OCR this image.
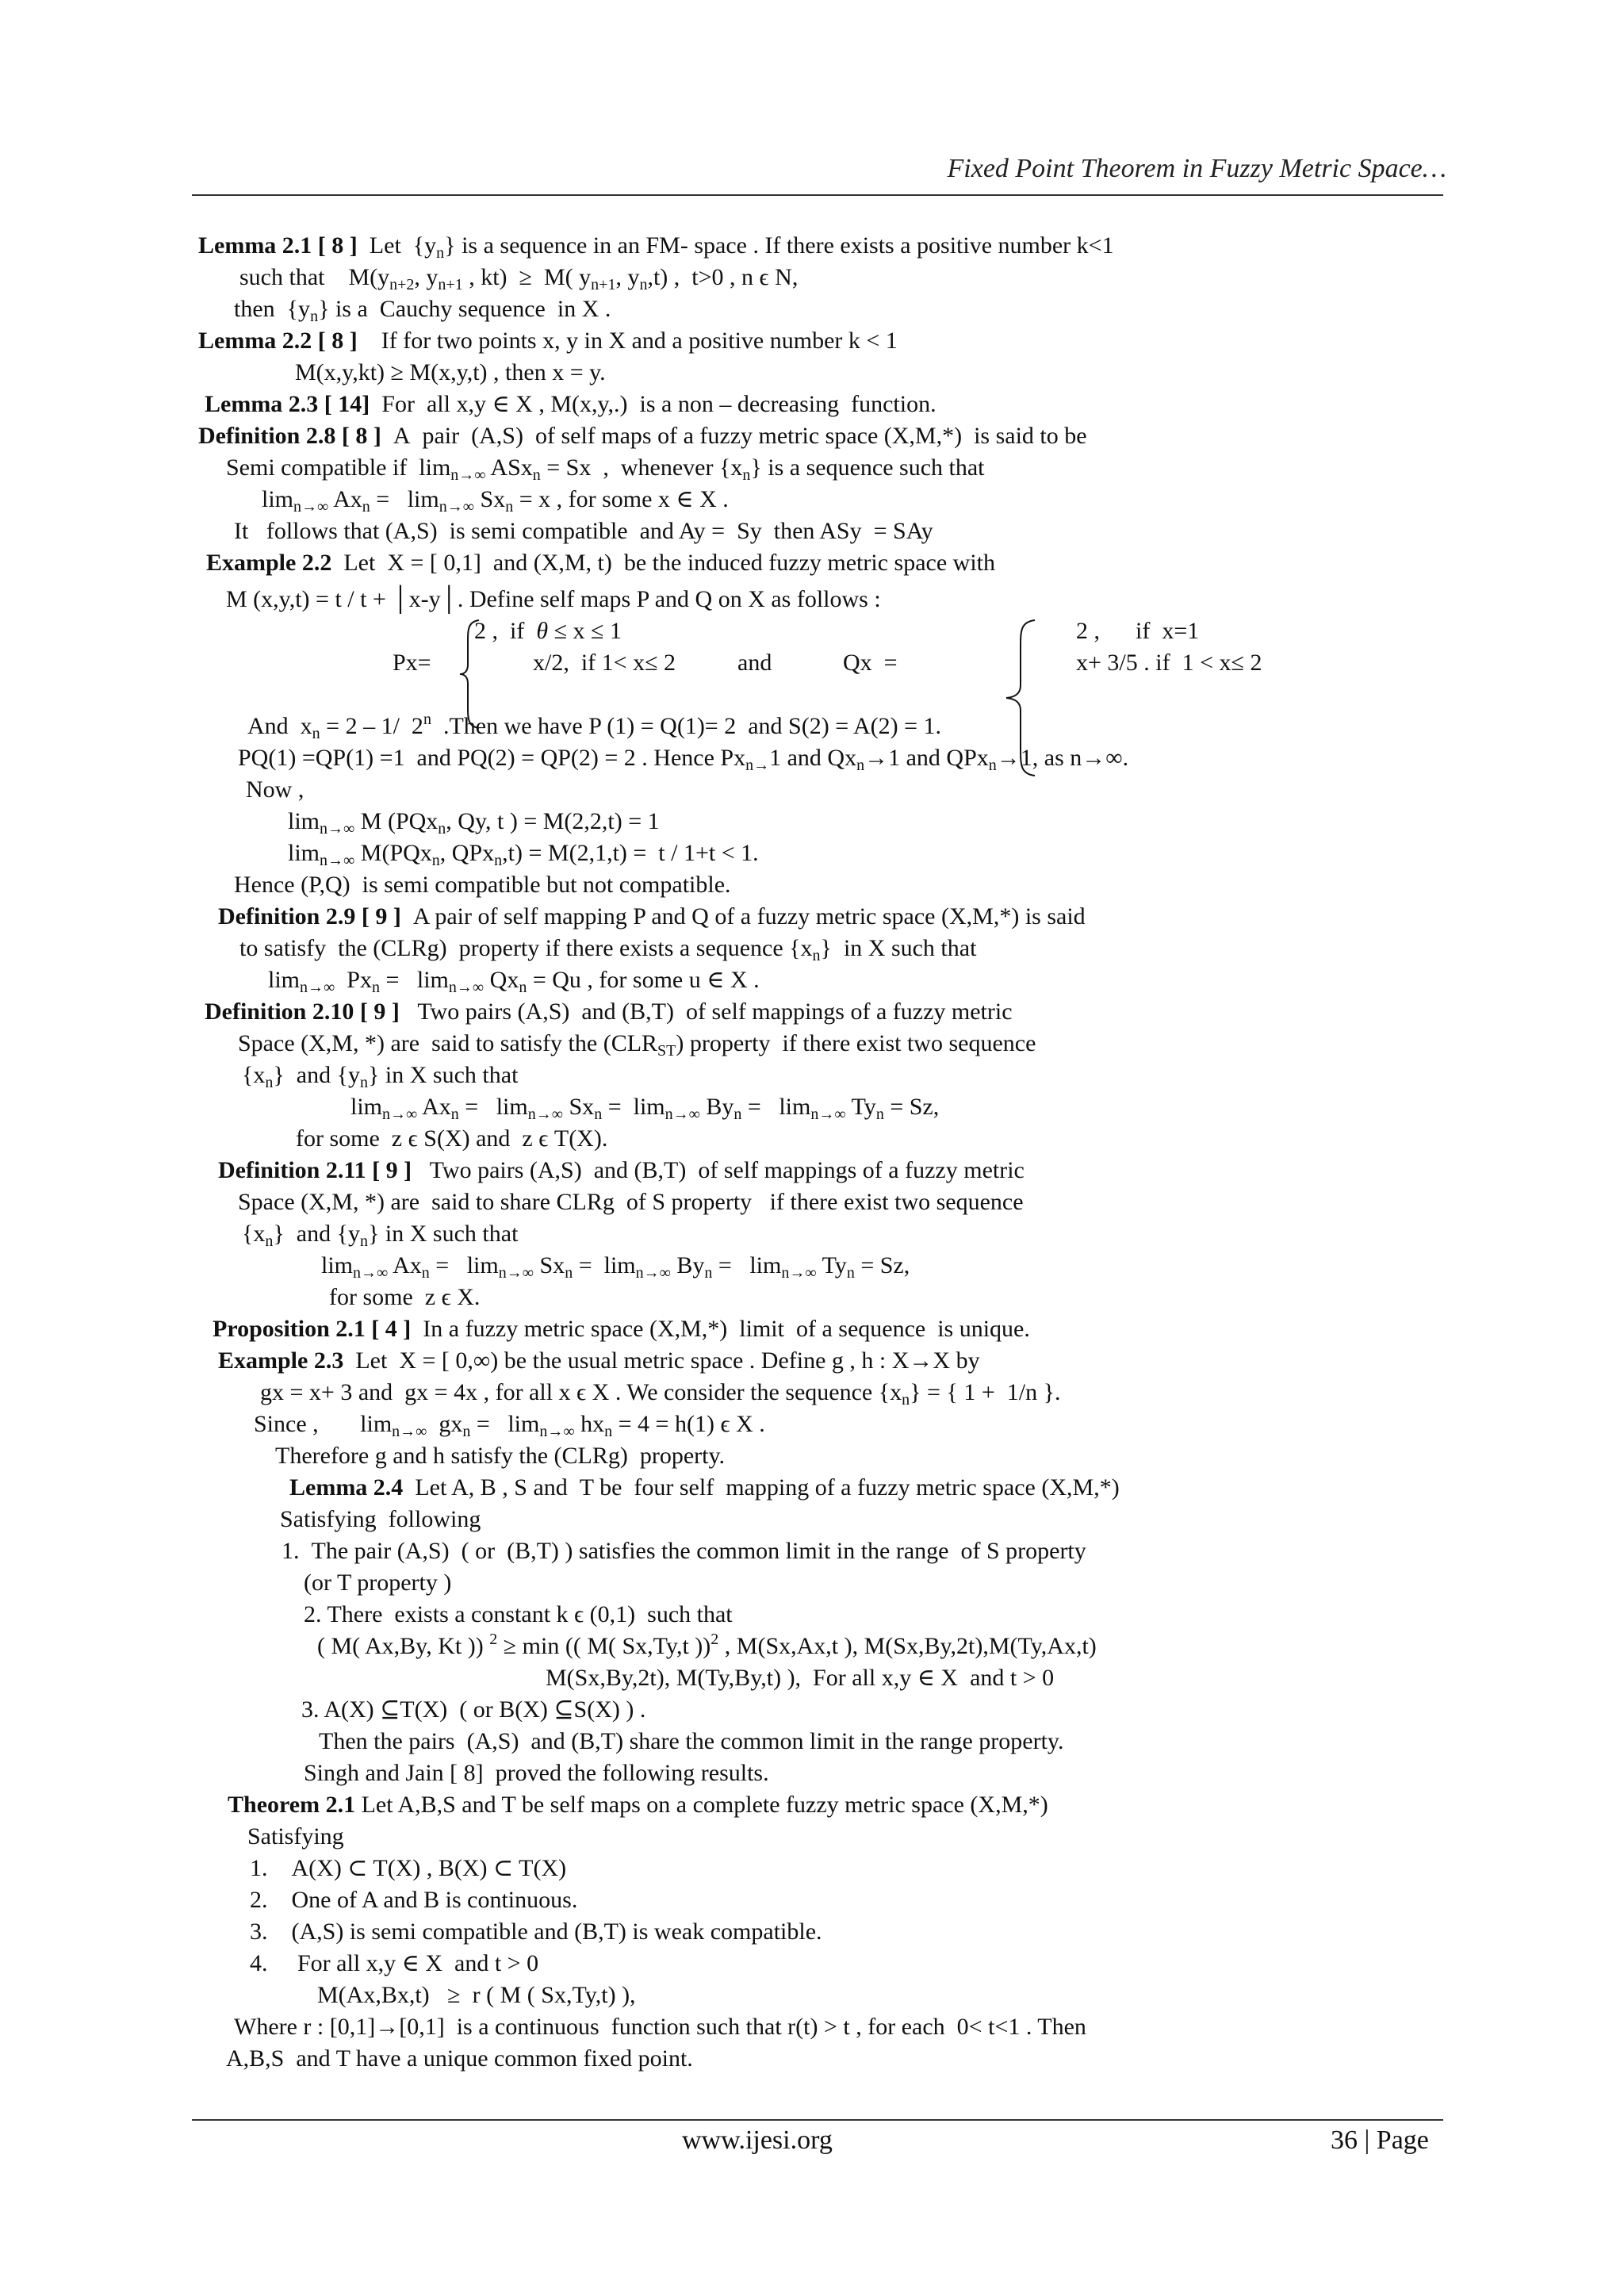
Fixed Point Theorem in Fuzzy Metric Space…
Lemma 2.1 [ 8 ]  Let  $\{y_n\}$ is a sequence in an FM- space . If there exists a positive number k<1
such that    $M(y_{n+2}$, $y_{n+1}$ , kt)  ≥  M( $y_{n+1}$, $y_n,t$) ,  t>0 , n ϵ N,
then  $\{y_n\}$ is a  Cauchy sequence  in X .
Lemma 2.2 [ 8 ]    If for two points x, y in X and a positive number k < 1
M(x,y,kt) ≥ M(x,y,t) , then x = y.
Lemma 2.3 [ 14]  For  all x,y ∈ X , M(x,y,.)  is a non – decreasing  function.
Definition 2.8 [ 8 ]  A  pair  (A,S)  of self maps of a fuzzy metric space (X,M,*)  is said to be
Semi compatible if  $\lim_{n\to\infty} ASx_n = Sx$  ,  whenever $\{x_n\}$ is a sequence such that
$\lim_{n\to\infty} Ax_n = \lim_{n\to\infty} Sx_n = x$ , for some x ∈ X .
It   follows that (A,S)  is semi compatible  and Ay =  Sy  then ASy  = SAy
Example 2.2  Let  X = [ 0,1]  and (X,M, t)  be the induced fuzzy metric space with
M (x,y,t) = t / t + │x-y│. Define self maps P and Q on X as follows :
2 ,  if  θ ≤ x ≤ 1	2 ,      if  x=1
Px=	x/2,  if 1< x≤ 2	and	Qx  =	x+ 3/5 . if  1 < x≤ 2
And  $x_n = 2 - 1/$  2$^n$  .Then we have P (1) = Q(1)= 2  and S(2) = A(2) = 1.
PQ(1) =QP(1) =1  and PQ(2) = QP(2) = 2 . Hence $Px_{n\to}1$ and $Qx_n\to 1$ and QPx$_n$→1, as n→∞.
Now ,
$\lim_{n\to\infty} M$ (PQx$_n$, Qy, t ) = M(2,2,t) = 1
$\lim_{n\to\infty} M(PQx_n$, QPx$_n$,t) = M(2,1,t) =  t / 1+t < 1.
Hence (P,Q)  is semi compatible but not compatible.
Definition 2.9 [ 9 ]  A pair of self mapping P and Q of a fuzzy metric space (X,M,*) is said
to satisfy  the (CLRg)  property if there exists a sequence $\{x_n\}$  in X such that
$\lim_{n\to\infty} Px_n = \lim_{n\to\infty} Qx_n = Qu$ , for some u ∈ X .
Definition 2.10 [ 9 ]   Two pairs (A,S)  and (B,T)  of self mappings of a fuzzy metric
Space (X,M, *) are  said to satisfy the $(CLR_{ST})$ property  if there exist two sequence
$\{x_n\}$  and $\{y_n\}$ in X such that
$\lim_{n\to\infty} Ax_n = \lim_{n\to\infty} Sx_n = \lim_{n\to\infty} By_n = \lim_{n\to\infty} Ty_n = Sz$,
for some  z ϵ S(X) and  z ϵ T(X).
Definition 2.11 [ 9 ]   Two pairs (A,S)  and (B,T)  of self mappings of a fuzzy metric
Space (X,M, *) are  said to share CLRg  of S property   if there exist two sequence
$\{x_n\}$  and $\{y_n\}$ in X such that
$\lim_{n\to\infty} Ax_n = \lim_{n\to\infty} Sx_n = \lim_{n\to\infty} By_n = \lim_{n\to\infty} Ty_n = Sz$,
for some  z ϵ X.
Proposition 2.1 [ 4 ]  In a fuzzy metric space (X,M,*)  limit  of a sequence  is unique.
Example 2.3  Let  X = [ 0,∞) be the usual metric space . Define g , h : X→X by
gx = x+ 3 and  gx = 4x , for all x ϵ X . We consider the sequence $\{x_n\}$ = { 1 +  1/n }.
Since ,       $\lim_{n\to\infty} gx_n = \lim_{n\to\infty} hx_n = 4 = h(1)$ ϵ X .
Therefore g and h satisfy the (CLRg)  property.
Lemma 2.4  Let A, B , S and  T be  four self  mapping of a fuzzy metric space (X,M,*)
Satisfying  following
1.  The pair (A,S)  ( or  (B,T) ) satisfies the common limit in the range  of S property
(or T property )
2. There  exists a constant k ϵ (0,1)  such that
( M( Ax,By, Kt )) $^2$ ≥ min (( M( Sx,Ty,t ))$^2$ , M(Sx,Ax,t ), M(Sx,By,2t),M(Ty,Ax,t)
M(Sx,By,2t), M(Ty,By,t) ),  For all x,y ∈ X  and t > 0
3. A(X) ⊆T(X)  ( or B(X) ⊆S(X) ) .
Then the pairs  (A,S)  and (B,T) share the common limit in the range property.
Singh and Jain [ 8]  proved the following results.
Theorem 2.1 Let A,B,S and T be self maps on a complete fuzzy metric space (X,M,*)
Satisfying
1.    A(X) ⊂ T(X) , B(X) ⊂ T(X)
2.    One of A and B is continuous.
3.    (A,S) is semi compatible and (B,T) is weak compatible.
4.     For all x,y ∈ X  and t > 0
M(Ax,Bx,t)   ≥  r ( M ( Sx,Ty,t) ),
Where r : [0,1]→[0,1]  is a continuous  function such that r(t) > t , for each  0< t<1 . Then
A,B,S  and T have a unique common fixed point.
www.ijesi.org	36 | Page
